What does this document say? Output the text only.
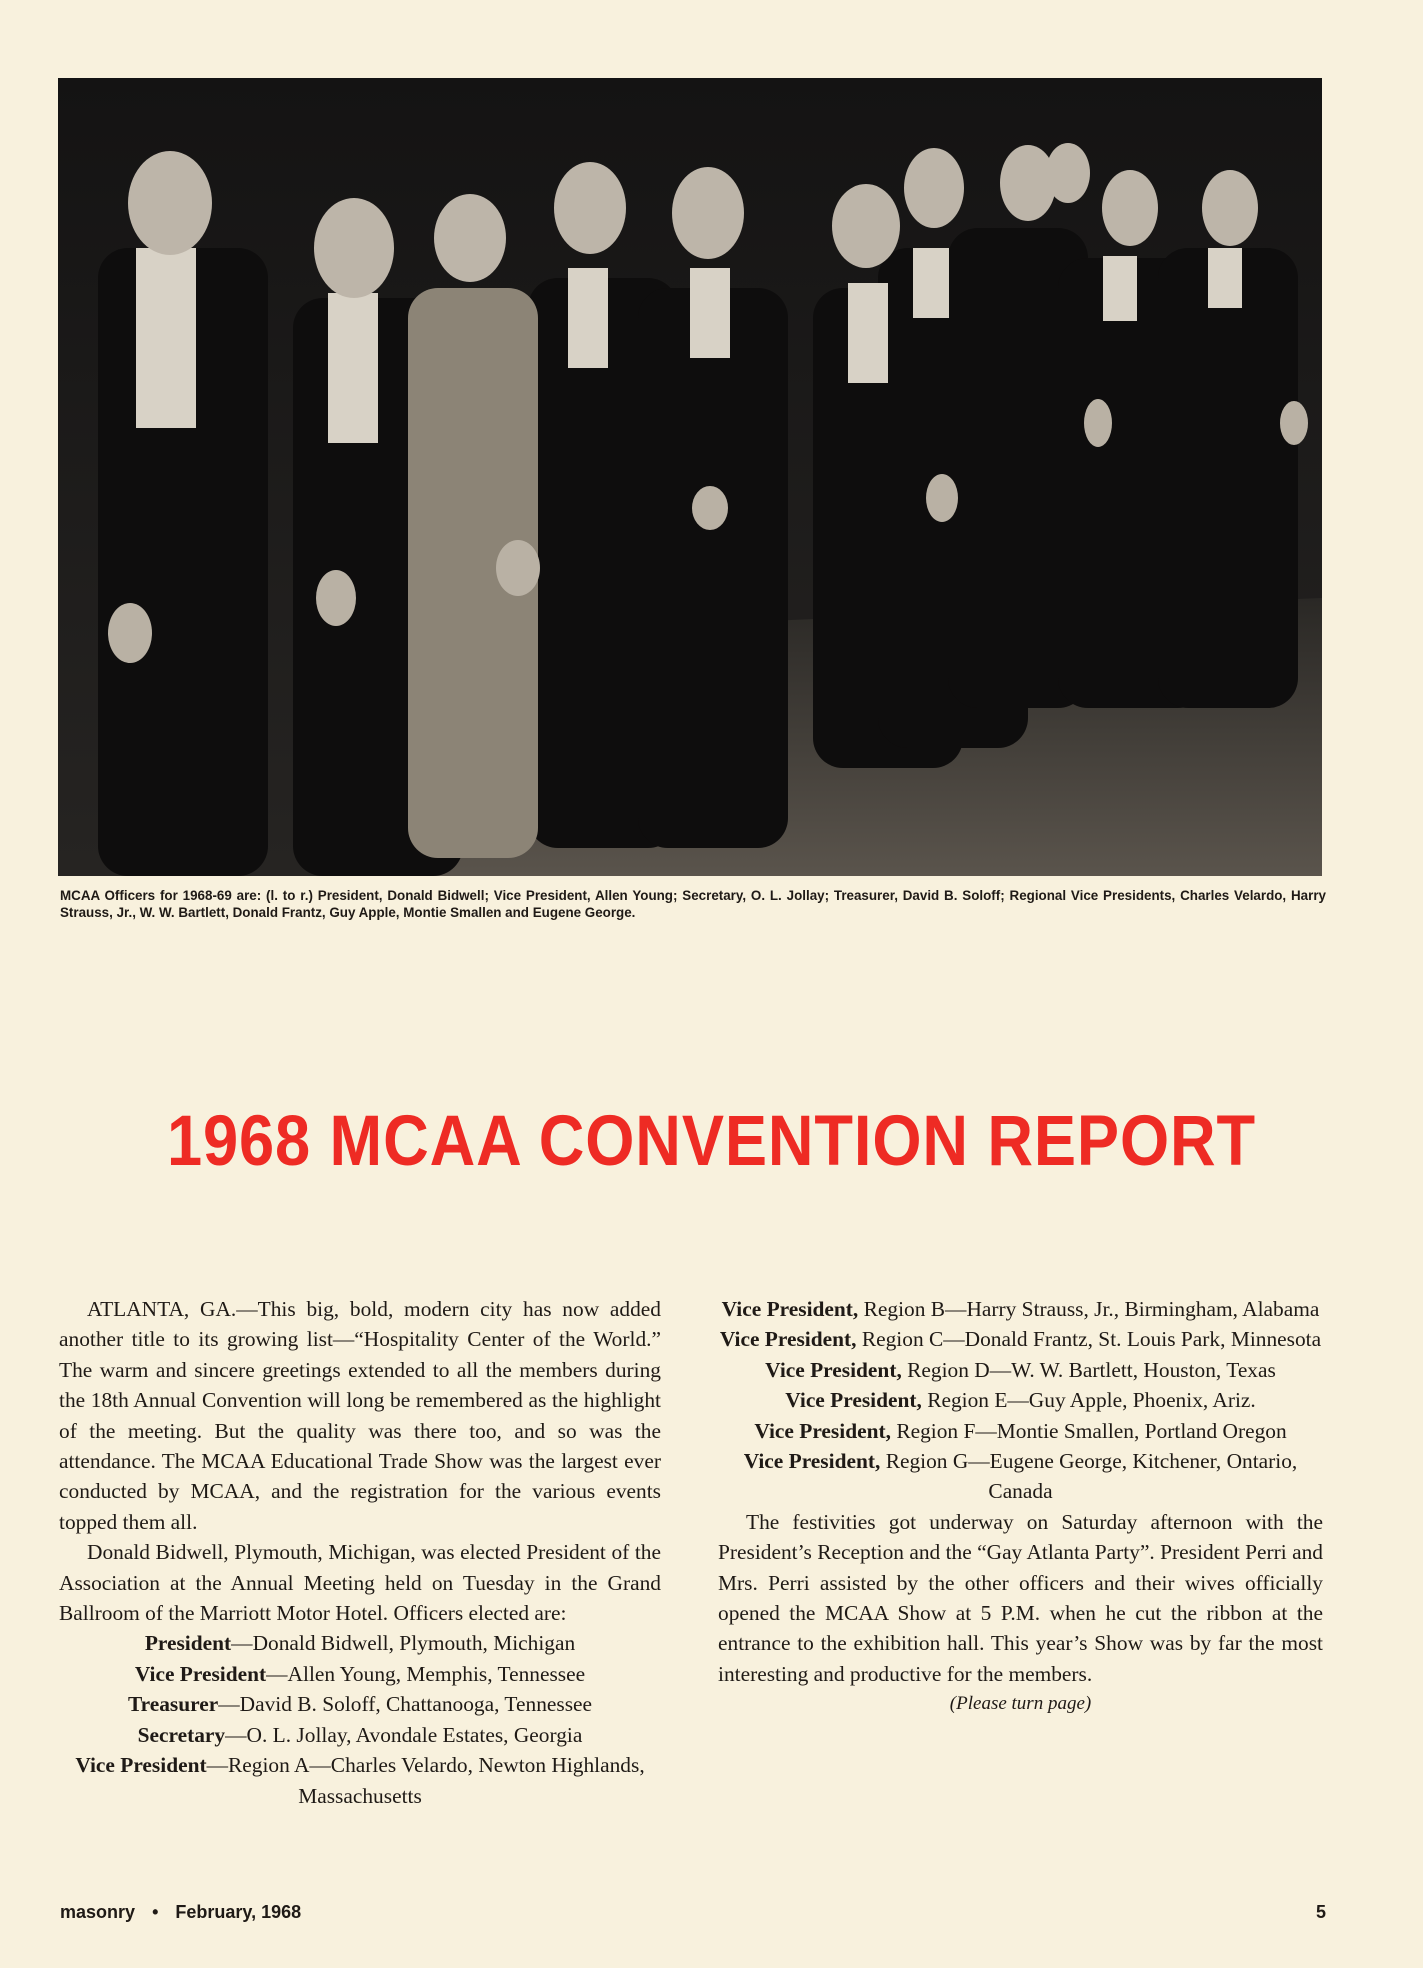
MCAA Officers for 1968-69 are: (l. to r.) President, Donald Bidwell; Vice President, Allen Young; Secretary, O. L. Jollay; Treasurer, David B. Soloff; Regional Vice Presidents, Charles Velardo, Harry Strauss, Jr., W. W. Bartlett, Donald Frantz, Guy Apple, Montie Smallen and Eugene George.
1968 MCAA CONVENTION REPORT

ATLANTA, GA.—This big, bold, modern city has now added another title to its growing list—“Hospitality Center of the World.” The warm and sincere greetings extended to all the members during the 18th Annual Convention will long be remembered as the highlight of the meeting. But the quality was there too, and so was the attendance. The MCAA Educational Trade Show was the largest ever conducted by MCAA, and the registration for the various events topped them all.

Donald Bidwell, Plymouth, Michigan, was elected President of the Association at the Annual Meeting held on Tuesday in the Grand Ballroom of the Marriott Motor Hotel. Officers elected are:

President—Donald Bidwell, Plymouth, Michigan

Vice President—Allen Young, Memphis, Tennessee

Treasurer—David B. Soloff, Chattanooga, Tennessee

Secretary—O. L. Jollay, Avondale Estates, Georgia

Vice President—Region A—Charles Velardo, Newton Highlands, Massachusetts

Vice President, Region B—Harry Strauss, Jr., Birmingham, Alabama

Vice President, Region C—Donald Frantz, St. Louis Park, Minnesota

Vice President, Region D—W. W. Bartlett, Houston, Texas

Vice President, Region E—Guy Apple, Phoenix, Ariz.

Vice President, Region F—Montie Smallen, Portland Oregon

Vice President, Region G—Eugene George, Kitchener, Ontario, Canada

The festivities got underway on Saturday afternoon with the President’s Reception and the “Gay Atlanta Party”. President Perri and Mrs. Perri assisted by the other officers and their wives officially opened the MCAA Show at 5 P.M. when he cut the ribbon at the entrance to the exhibition hall. This year’s Show was by far the most interesting and productive for the members.

(Please turn page)

masonry • February, 1968	5
